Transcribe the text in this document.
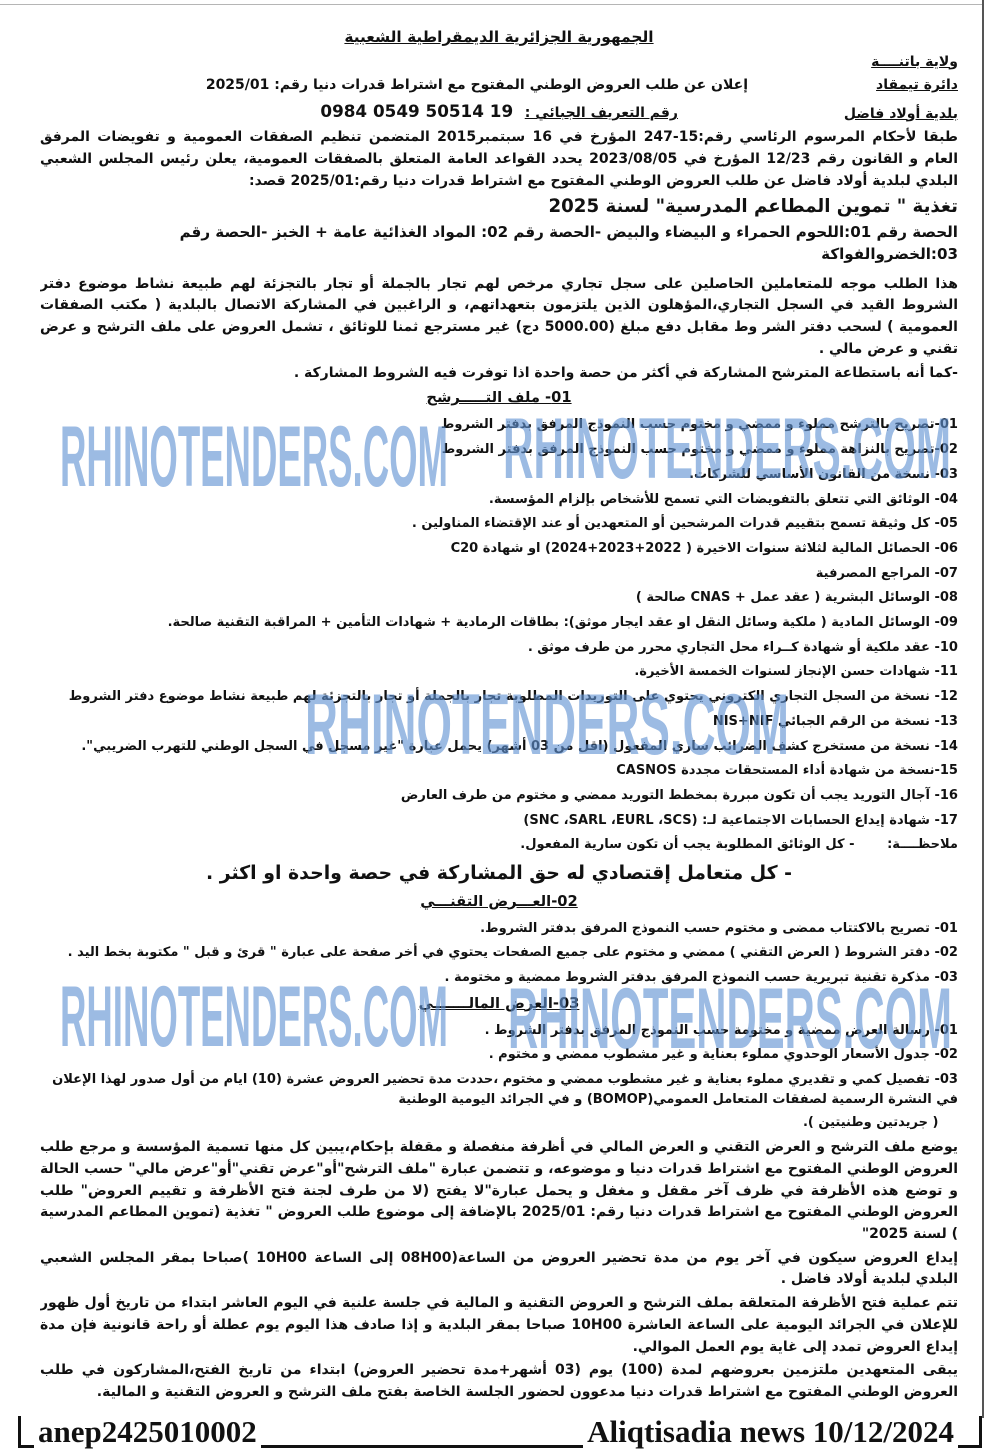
الجمهورية الجزائرية الديمقراطية الشعبية
ولاية باتنــــة
دائرة تيمقاد
بلدية أولاد فاضل
إعلان عن طلب العروض الوطني المفتوح مع اشتراط قدرات دنيا رقم: 2025/01
رقم التعريف الجبائي : 19 50514 0549 0984

طبقا لأحكام المرسوم الرئاسي رقم:15-247 المؤرخ في 16 سبتمبر2015 المتضمن تنظيم الصفقات العمومية و تفويضات المرفق العام و القانون رقم 12/23 المؤرخ في 2023/08/05 يحدد القواعد العامة المتعلق بالصفقات العمومية، يعلن رئيس المجلس الشعبي البلدي لبلدية أولاد فاضل عن طلب العروض الوطني المفتوح مع اشتراط قدرات دنيا رقم:2025/01 قصد:

تغذية " تموين المطاعم المدرسية" لسنة 2025
الحصة رقم 01:اللحوم الحمراء و البيضاء والبيض -الحصة رقم 02: المواد الغذائية عامة + الخبز -الحصة رقم 03:الخضروالفواكة

هذا الطلب موجه للمتعاملين الحاصلين على سجل تجاري مرخص لهم تجار بالجملة أو تجار بالتجزئة لهم طبيعة نشاط موضوع دفتر الشروط القيد في السجل التجاري،المؤهلون الذين يلتزمون بتعهداتهم، و الراغبين في المشاركة الاتصال بالبلدية ( مكتب الصفقات العمومية ) لسحب دفتر الشر وط مقابل دفع مبلغ (5000.00 دج) غير مسترجع ثمنا للوثائق ، تشمل العروض على ملف الترشح و عرض تقني و عرض مالي .

-كما أنه باستطاعة المترشح المشاركة في أكثر من حصة واحدة اذا توفرت فيه الشروط المشاركة .
01- ملف التـــــرشح
01-تصريح بالترشح مملوء و ممضي و مختوم حسب النموذج المرفق بدفتر الشروط
02-تصريح بالنزاهة مملوء و ممضي و مختوم حسب النموذج المرفق بدفتر الشروط
03- نسخة من القانون الأساسي للشركات.
04- الوثائق التي تتعلق بالتفويضات التي تسمح للأشخاص بإلزام المؤسسة.
05- كل وثيقة تسمح بتقييم قدرات المرشحين أو المتعهدين أو عند الإقتضاء المناولين .
06- الحصائل المالية لثلاثة سنوات الاخيرة ( 2022+2023+2024) او شهادة C20
07- المراجع المصرفية
08- الوسائل البشرية ( عقد عمل + CNAS صالحة )
09- الوسائل المادية ( ملكية وسائل النقل او عقد ايجار موثق): بطاقات الرمادية + شهادات التأمين + المراقبة التقنية صالحة.
10- عقد ملكية أو شهادة كــراء محل التجاري محرر من طرف موثق .
11- شهادات حسن الإنجاز لسنوات الخمسة الأخيرة.
12- نسخة من السجل التجاري الكتروني يحتوي على التوريدات المطلوبة تجار بالجملة أو تجار بالتجزئة لهم طبيعة نشاط موضوع دفتر الشروط
13- نسخة من الرقم الجبائي NIS+NIF
14- نسخة من مستخرج كشف الضرائب ساري المفعول (اقل من 03 أشهر) يحمل عبارة "غير مسجل في السجل الوطني للتهرب الضريبي".
15-نسخة من شهادة أداء المستحقات مجددة CASNOS
16- آجال التوريد يجب أن تكون مبررة بمخطط التوريد ممضي و مختوم من طرف العارض
17- شهادة إيداع الحسابات الاجتماعية لـ: (SNC ،SARL ،EURL ،SCS)
ملاحظــــة:
- كل الوثائق المطلوبة يجب أن تكون سارية المفعول.
- كل متعامل إقتصادي له حق المشاركة في حصة واحدة او اكثر .
02-العـــرض التقنـــي
01- تصريح بالاكتتاب ممضى و مختوم حسب النموذج المرفق بدفتر الشروط.
02- دفتر الشروط ( العرض التقني ) ممضي و مختوم على جميع الصفحات يحتوي في أخر صفحة على عبارة " قرئ و قبل " مكتوبة بخط اليد .
03- مذكرة تقنية تبريرية حسب النموذج المرفق بدفتر الشروط ممضية و مختومة .
03-العرض المالـــــــي
01- رسالة العرض ممضية و مختومة حسب النموذج المرفق بدفتر الشروط .
02- جدول الأسعار الوحدوي مملوء بعناية و غير مشطوب ممضي و مختوم .
03- تفصيل كمي و تقديري مملوء بعناية و غير مشطوب ممضي و مختوم ،حددت مدة تحضير العروض عشرة (10) ايام من أول صدور لهذا الإعلان في النشرة الرسمية لصفقات المتعامل العمومي(BOMOP) و في الجرائد اليومية الوطنية
( جريدتين وطنيتين ).

يوضع ملف الترشح و العرض التقني و العرض المالي في أظرفة منفصلة و مقفلة بإحكام،يبين كل منها تسمية المؤسسة و مرجع طلب العروض الوطني المفتوح مع اشتراط قدرات دنيا و موضوعه، و تتضمن عبارة "ملف الترشح"أو"عرض تقني"أو"عرض مالي" حسب الحالة و توضع هذه الأظرفة في ظرف آخر مقفل و مغفل و يحمل عبارة"لا يفتح (لا من طرف لجنة فتح الأظرفة و تقييم العروض" طلب العروض الوطني المفتوح مع اشتراط قدرات دنيا رقم: 2025/01 بالإضافة إلى موضوع طلب العروض " تغذية (تموين المطاعم المدرسية ) لسنة 2025"

إيداع العروض سيكون في آخر يوم من مدة تحضير العروض من الساعة(08H00 إلى الساعة 10H00 )صباحا بمقر المجلس الشعبي البلدي لبلدية أولاد فاضل .

تتم عملية فتح الأظرفة المتعلقة بملف الترشح و العروض التقنية و المالية في جلسة علنية في اليوم العاشر ابتداء من تاريخ أول ظهور للإعلان في الجرائد اليومية على الساعة العاشرة 10H00 صباحا بمقر البلدية و إذا صادف هذا اليوم يوم عطلة أو راحة قانونية فإن مدة إيداع العروض تمدد إلى غاية يوم العمل الموالي.

يبقى المتعهدين ملتزمين بعروضهم لمدة (100) يوم (03 أشهر+مدة تحضير العروض) ابتداء من تاريخ الفتح،المشاركون في طلب العروض الوطني المفتوح مع اشتراط قدرات دنيا مدعوون لحضور الجلسة الخاصة بفتح ملف الترشح و العروض التقنية و المالية.

RHINOTENDERS.COM RHINOTENDERS.COM
RHINOTENDERS.COM
RHINOTENDERS.COM RHINOTENDERS.COM
anep2425010002	Aliqtisadia news 10/12/2024
